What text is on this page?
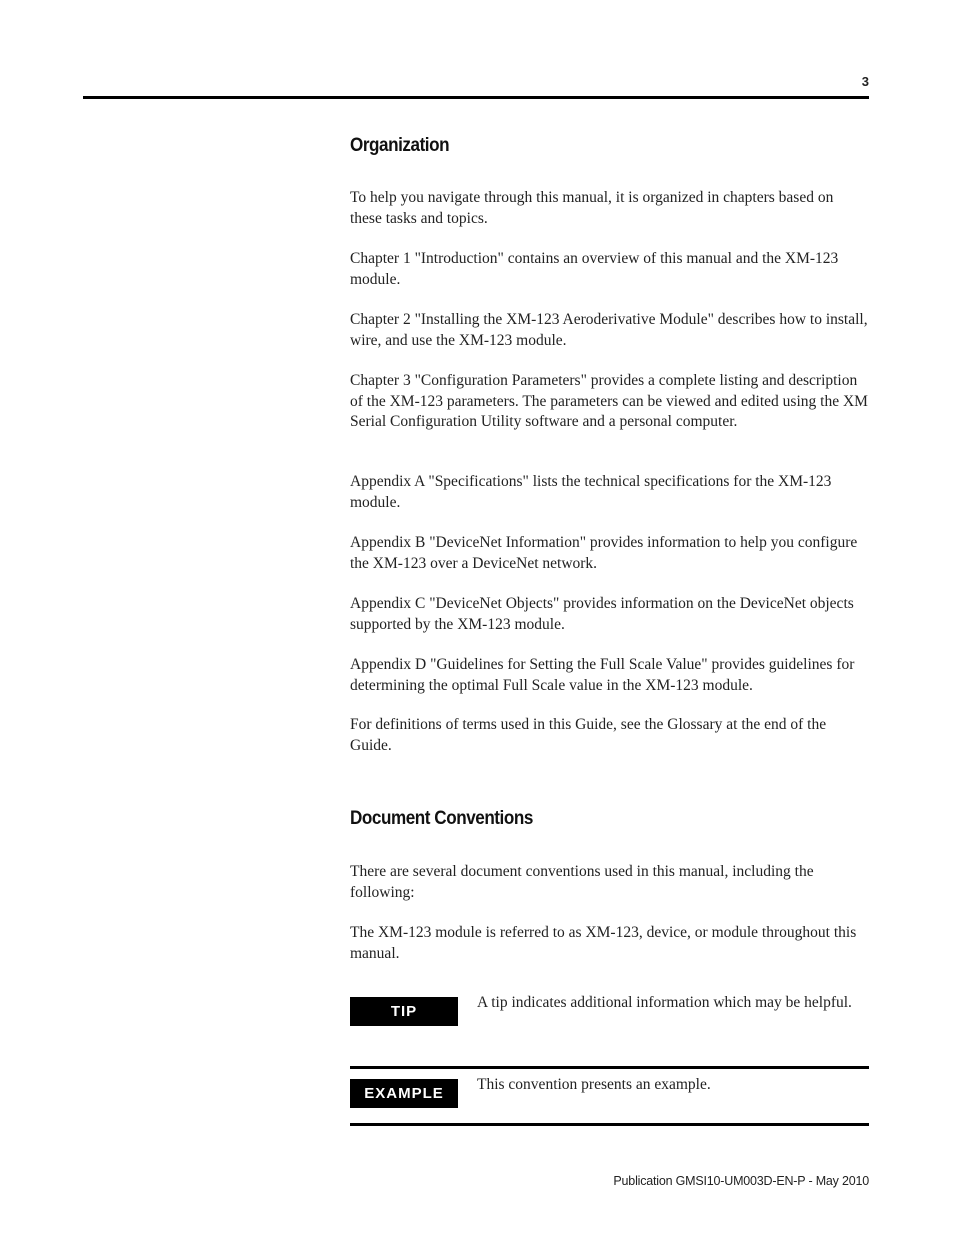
3
Organization

To help you navigate through this manual, it is organized in chapters based on these tasks and topics.

Chapter 1 "Introduction" contains an overview of this manual and the XM-123 module.

Chapter 2 "Installing the XM-123 Aeroderivative Module" describes how to install, wire, and use the XM-123 module.

Chapter 3 "Configuration Parameters" provides a complete listing and description of the XM-123 parameters. The parameters can be viewed and edited using the XM Serial Configuration Utility software and a personal computer.

Appendix A "Specifications" lists the technical specifications for the XM-123 module.

Appendix B "DeviceNet Information" provides information to help you configure the XM-123 over a DeviceNet network.

Appendix C "DeviceNet Objects" provides information on the DeviceNet objects supported by the XM-123 module.

Appendix D "Guidelines for Setting the Full Scale Value" provides guidelines for determining the optimal Full Scale value in the XM-123 module.

For definitions of terms used in this Guide, see the Glossary at the end of the Guide.

Document Conventions

There are several document conventions used in this manual, including the following:

The XM-123 module is referred to as XM-123, device, or module throughout this manual.

TIP

A tip indicates additional information which may be helpful.

EXAMPLE

This convention presents an example.

Publication GMSI10-UM003D-EN-P - May 2010
